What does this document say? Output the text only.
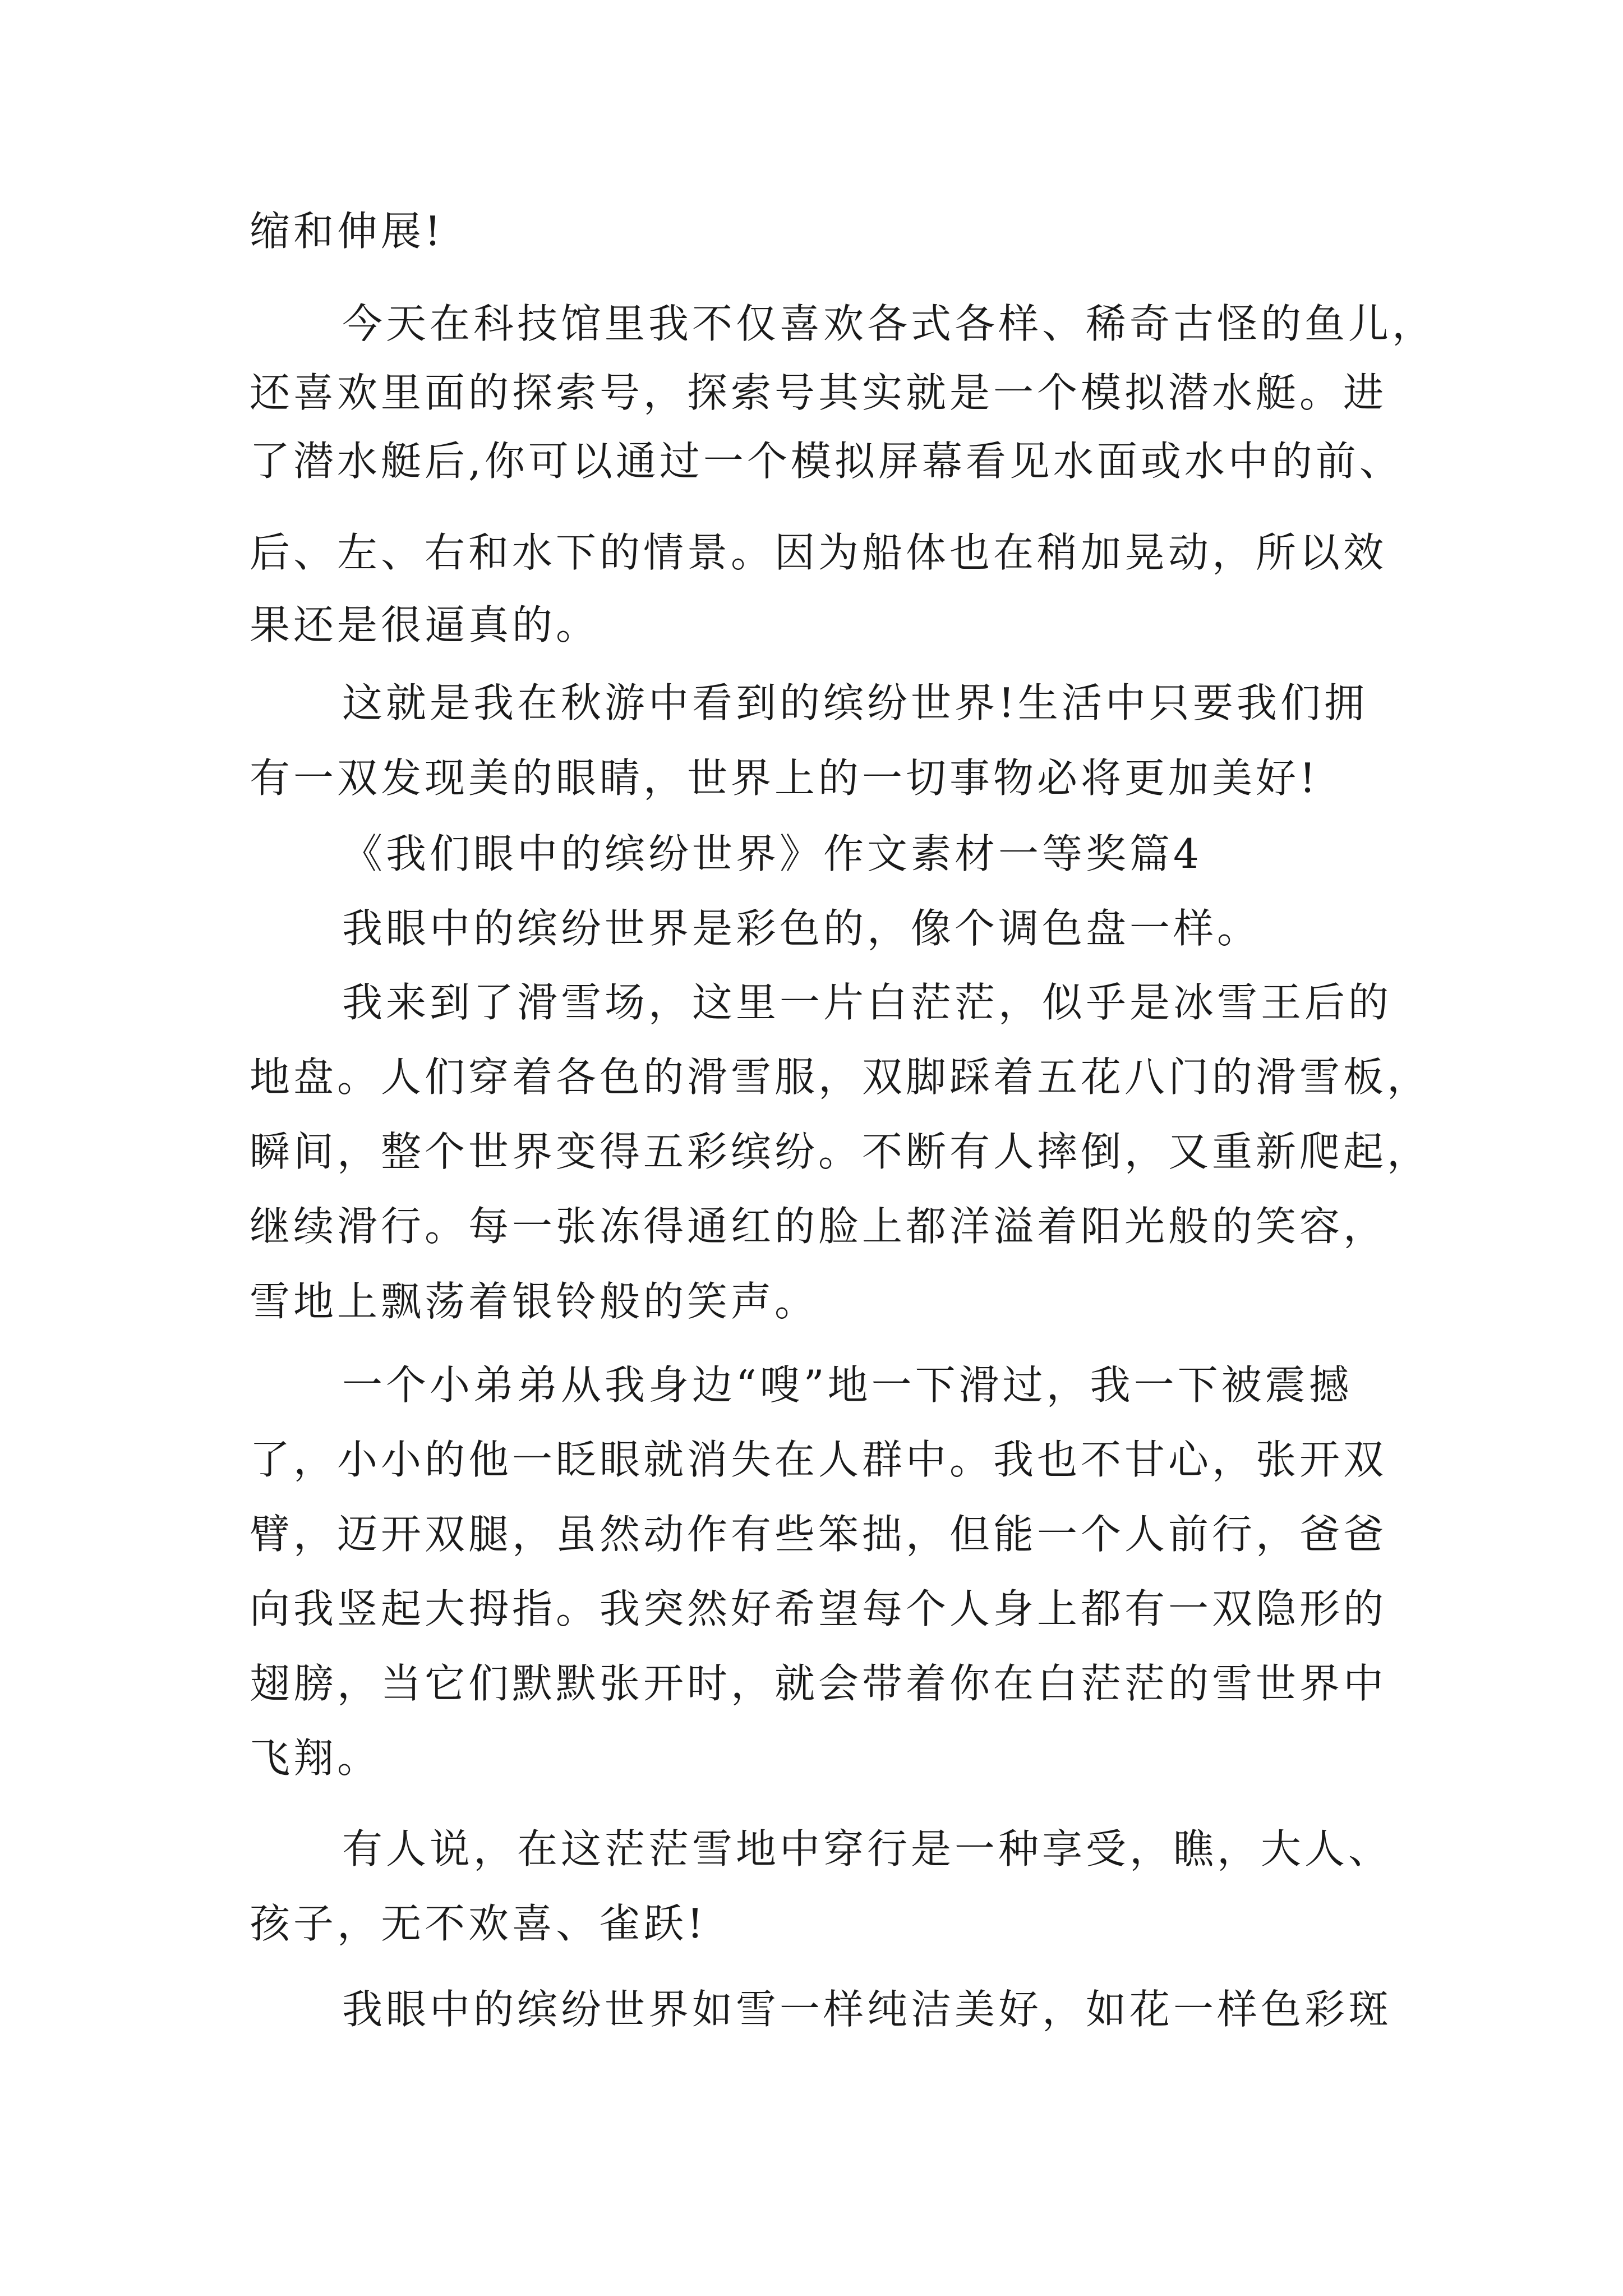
缩和伸展!
今天在科技馆里我不仅喜欢各式各样、稀奇古怪的鱼儿，
还喜欢里面的探索号，探索号其实就是一个模拟潜水艇。进
了潜水艇后,你可以通过一个模拟屏幕看见水面或水中的前、
后、左、右和水下的情景。因为船体也在稍加晃动，所以效
果还是很逼真的。
这就是我在秋游中看到的缤纷世界!生活中只要我们拥
有一双发现美的眼睛，世界上的一切事物必将更加美好!
《我们眼中的缤纷世界》作文素材一等奖篇4
我眼中的缤纷世界是彩色的，像个调色盘一样。
我来到了滑雪场，这里一片白茫茫，似乎是冰雪王后的
地盘。人们穿着各色的滑雪服，双脚踩着五花八门的滑雪板，
瞬间，整个世界变得五彩缤纷。不断有人摔倒，又重新爬起，
继续滑行。每一张冻得通红的脸上都洋溢着阳光般的笑容，
雪地上飘荡着银铃般的笑声。
一个小弟弟从我身边“嗖”地一下滑过，我一下被震撼
了，小小的他一眨眼就消失在人群中。我也不甘心，张开双
臂，迈开双腿，虽然动作有些笨拙，但能一个人前行，爸爸
向我竖起大拇指。我突然好希望每个人身上都有一双隐形的
翅膀，当它们默默张开时，就会带着你在白茫茫的雪世界中
飞翔。
有人说，在这茫茫雪地中穿行是一种享受，瞧，大人、
孩子，无不欢喜、雀跃!
我眼中的缤纷世界如雪一样纯洁美好，如花一样色彩斑
